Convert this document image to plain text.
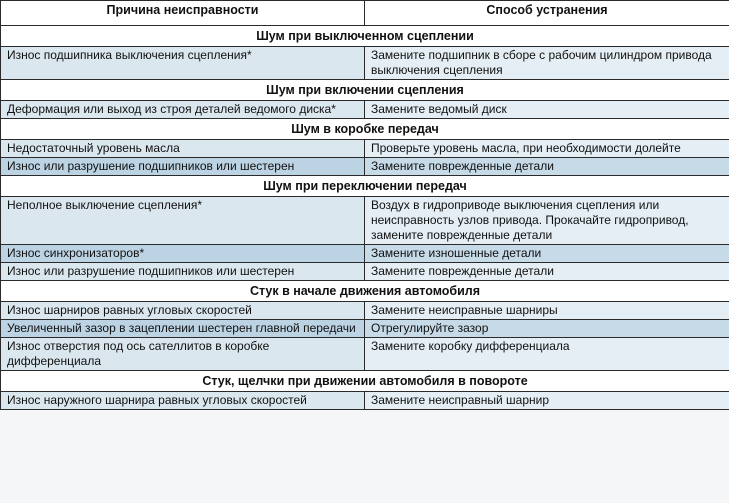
Причина неисправности	Способ устранения
Шум при выключенном сцеплении	
Износ подшипника выключения сцепления*	Замените подшипник в сборе с рабочим цилиндром привода выключения сцепления
Шум при включении сцепления	
Деформация или выход из строя деталей ведомого диска*	Замените ведомый диск
Шум в коробке передач	
Недостаточный уровень масла	Проверьте уровень масла, при необходимости долейте
Износ или разрушение подшипников или шестерен	Замените поврежденные детали
Шум при переключении передач	
Неполное выключение сцепления*	Воздух в гидроприводе выключения сцепления или неисправность узлов привода. Прокачайте гидропривод, замените поврежденные детали
Износ синхронизаторов*	Замените изношенные детали
Износ или разрушение подшипников или шестерен	Замените поврежденные детали
Стук в начале движения автомобиля	
Износ шарниров равных угловых скоростей	Замените неисправные шарниры
Увеличенный зазор в зацеплении шестерен главной передачи	Отрегулируйте зазор
Износ отверстия под ось сателлитов в коробке дифференциала	Замените коробку дифференциала
Стук, щелчки при движении автомобиля в повороте	
Износ наружного шарнира равных угловых скоростей	Замените неисправный шарнир
